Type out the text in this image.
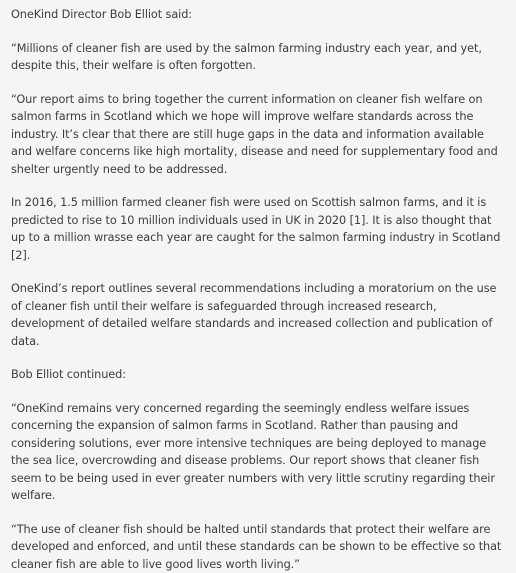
OneKind Director Bob Elliot said:

“Millions of cleaner fish are used by the salmon farming industry each year, and yet, despite this, their welfare is often forgotten.

“Our report aims to bring together the current information on cleaner fish welfare on salmon farms in Scotland which we hope will improve welfare standards across the industry. It’s clear that there are still huge gaps in the data and information available and welfare concerns like high mortality, disease and need for supplementary food and shelter urgently need to be addressed.

In 2016, 1.5 million farmed cleaner fish were used on Scottish salmon farms, and it is predicted to rise to 10 million individuals used in UK in 2020 [1]. It is also thought that up to a million wrasse each year are caught for the salmon farming industry in Scotland [2].

OneKind’s report outlines several recommendations including a moratorium on the use of cleaner fish until their welfare is safeguarded through increased research, development of detailed welfare standards and increased collection and publication of data.

Bob Elliot continued:

“OneKind remains very concerned regarding the seemingly endless welfare issues concerning the expansion of salmon farms in Scotland. Rather than pausing and considering solutions, ever more intensive techniques are being deployed to manage the sea lice, overcrowding and disease problems. Our report shows that cleaner fish seem to be being used in ever greater numbers with very little scrutiny regarding their welfare.

“The use of cleaner fish should be halted until standards that protect their welfare are developed and enforced, and until these standards can be shown to be effective so that cleaner fish are able to live good lives worth living.”
